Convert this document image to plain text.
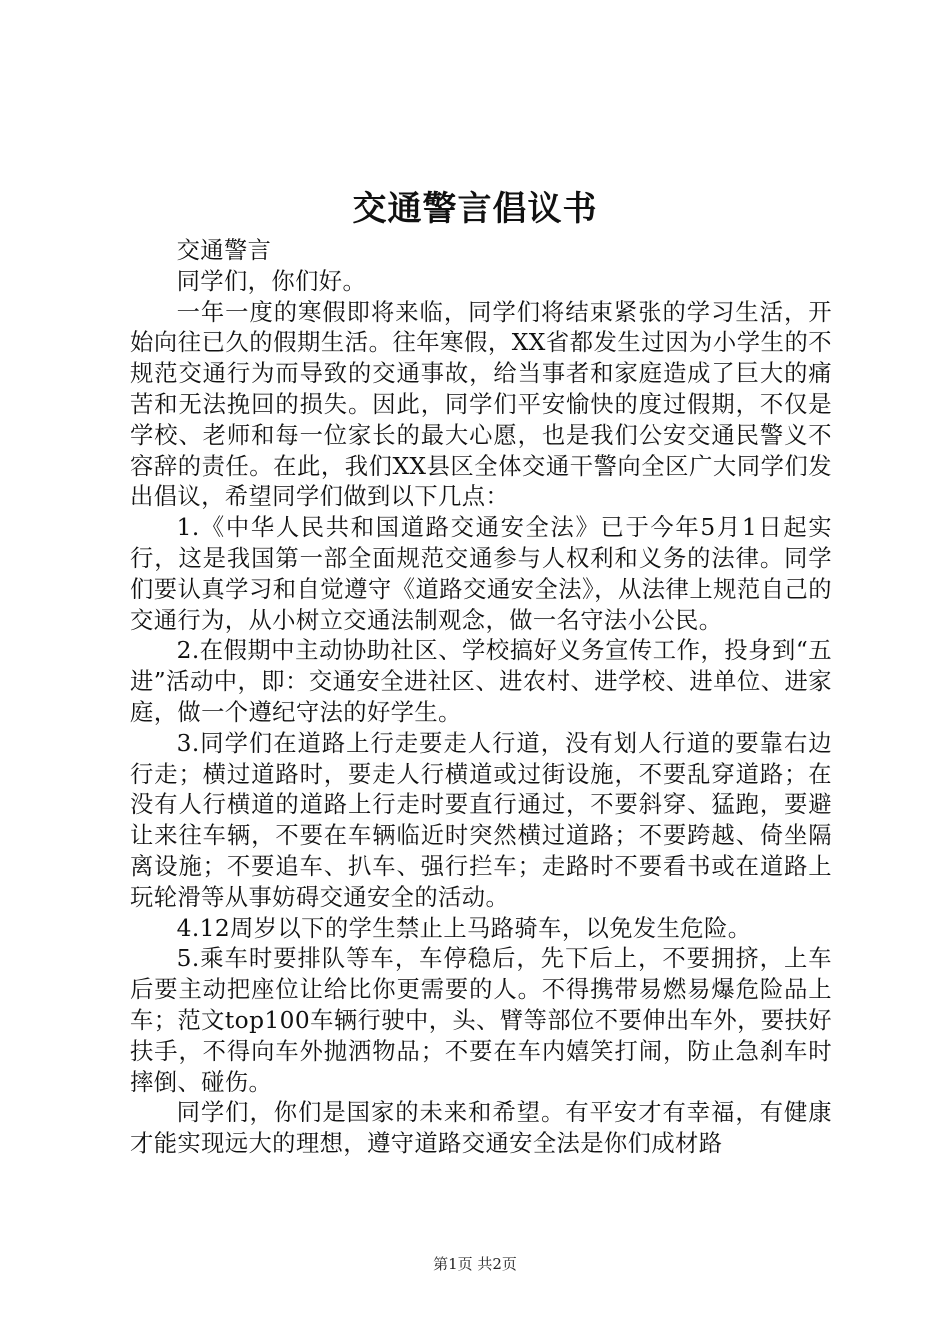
交通警言倡议书

交通警言

同学们，你们好。

一年一度的寒假即将来临，同学们将结束紧张的学习生活，开始向往已久的假期生活。往年寒假，XX省都发生过因为小学生的不规范交通行为而导致的交通事故，给当事者和家庭造成了巨大的痛苦和无法挽回的损失。因此，同学们平安愉快的度过假期，不仅是学校、老师和每一位家长的最大心愿，也是我们公安交通民警义不容辞的责任。在此，我们XX县区全体交通干警向全区广大同学们发出倡议，希望同学们做到以下几点：

1.《中华人民共和国道路交通安全法》已于今年5月1日起实行，这是我国第一部全面规范交通参与人权利和义务的法律。同学们要认真学习和自觉遵守《道路交通安全法》，从法律上规范自己的交通行为，从小树立交通法制观念，做一名守法小公民。

2.在假期中主动协助社区、学校搞好义务宣传工作，投身到“五进”活动中，即：交通安全进社区、进农村、进学校、进单位、进家庭，做一个遵纪守法的好学生。

3.同学们在道路上行走要走人行道，没有划人行道的要靠右边行走；横过道路时，要走人行横道或过街设施，不要乱穿道路；在没有人行横道的道路上行走时要直行通过，不要斜穿、猛跑，要避让来往车辆，不要在车辆临近时突然横过道路；不要跨越、倚坐隔离设施；不要追车、扒车、强行拦车；走路时不要看书或在道路上玩轮滑等从事妨碍交通安全的活动。

4.12周岁以下的学生禁止上马路骑车，以免发生危险。

5.乘车时要排队等车，车停稳后，先下后上，不要拥挤，上车后要主动把座位让给比你更需要的人。不得携带易燃易爆危险品上车；范文top100车辆行驶中，头、臂等部位不要伸出车外，要扶好扶手，不得向车外抛洒物品；不要在车内嬉笑打闹，防止急刹车时摔倒、碰伤。

同学们，你们是国家的未来和希望。有平安才有幸福，有健康才能实现远大的理想，遵守道路交通安全法是你们成材路

第1页 共2页
